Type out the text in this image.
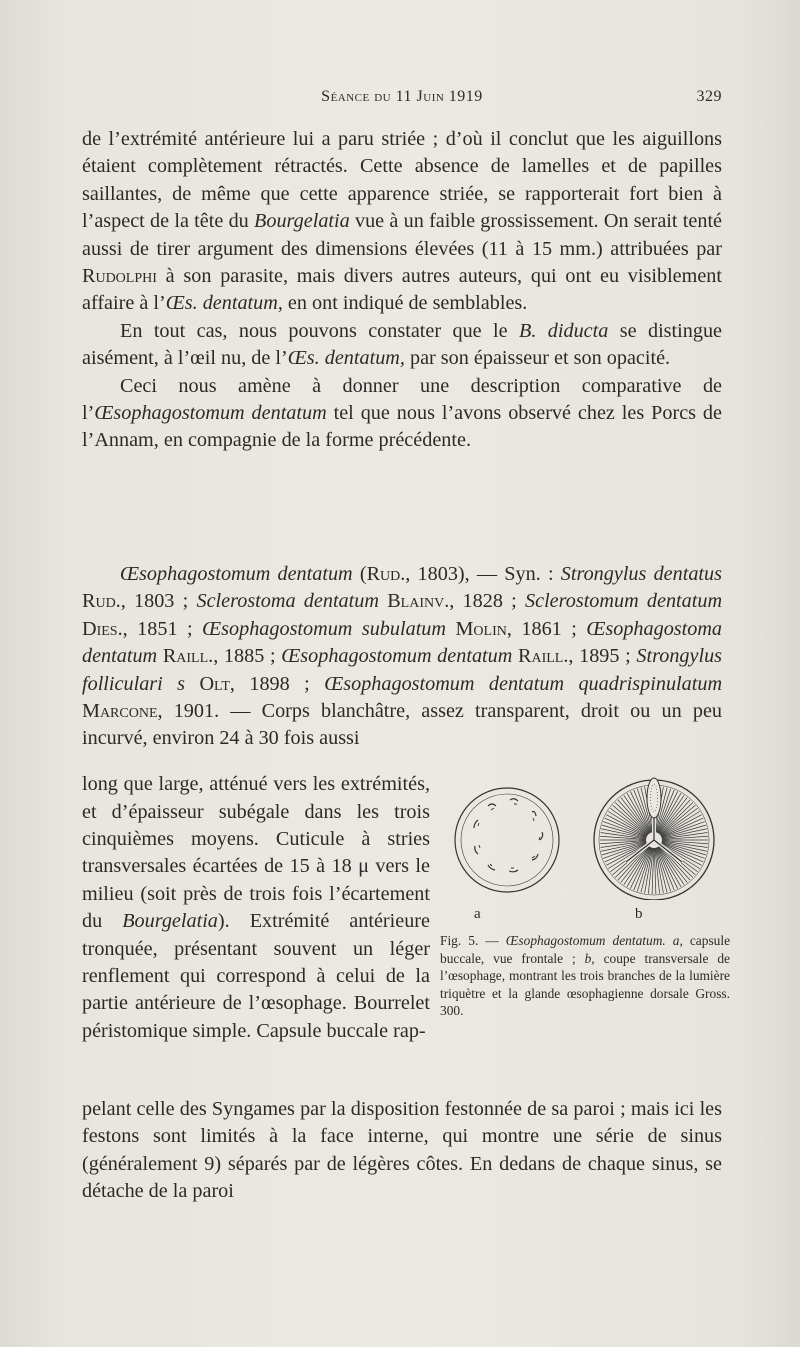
Séance du 11 Juin 1919	329

de l’extrémité antérieure lui a paru striée ; d’où il conclut que les aiguillons étaient complètement rétractés. Cette absence de lamelles et de papilles saillantes, de même que cette apparence striée, se rapporterait fort bien à l’aspect de la tête du Bourgelatia vue à un faible grossissement. On serait tenté aussi de tirer argument des dimensions élevées (11 à 15 mm.) attribuées par Rudolphi à son parasite, mais divers autres auteurs, qui ont eu visiblement affaire à l’Œs. dentatum, en ont indiqué de semblables.

En tout cas, nous pouvons constater que le B. diducta se distingue aisément, à l’œil nu, de l’Œs. dentatum, par son épaisseur et son opacité.

Ceci nous amène à donner une description comparative de l’Œsophagostomum dentatum tel que nous l’avons observé chez les Porcs de l’Annam, en compagnie de la forme précédente.

Œsophagostomum dentatum (Rud., 1803), — Syn. : Strongylus dentatus Rud., 1803 ; Sclerostoma dentatum Blainv., 1828 ; Sclerostomum dentatum Dies., 1851 ; Œsophagostomum subulatum Molin, 1861 ; Œsophagostoma dentatum Raill., 1885 ; Œsophagostomum dentatum Raill., 1895 ; Strongylus folliculari s Olt, 1898 ; Œsophagostomum dentatum quadrispinulatum Marcone, 1901. — Corps blanchâtre, assez transparent, droit ou un peu incurvé, environ 24 à 30 fois aussi

long que large, atténué vers les extrémités, et d’épaisseur subégale dans les trois cinquièmes moyens. Cuticule à stries transversales écartées de 15 à 18 μ vers le milieu (soit près de trois fois l’écartement du Bourgelatia). Extrémité antérieure tronquée, présentant souvent un léger renflement qui correspond à celui de la partie antérieure de l’œsophage. Bourrelet péristomique simple. Capsule buccale rap-

a	b
Fig. 5. — Œsophagostomum dentatum. a, capsule buccale, vue frontale ; b, coupe transversale de l’œsophage, montrant les trois branches de la lumière triquètre et la glande œsophagienne dorsale Gross. 300.

pelant celle des Syngames par la disposition festonnée de sa paroi ; mais ici les festons sont limités à la face interne, qui montre une série de sinus (généralement 9) séparés par de légères côtes. En dedans de chaque sinus, se détache de la paroi
